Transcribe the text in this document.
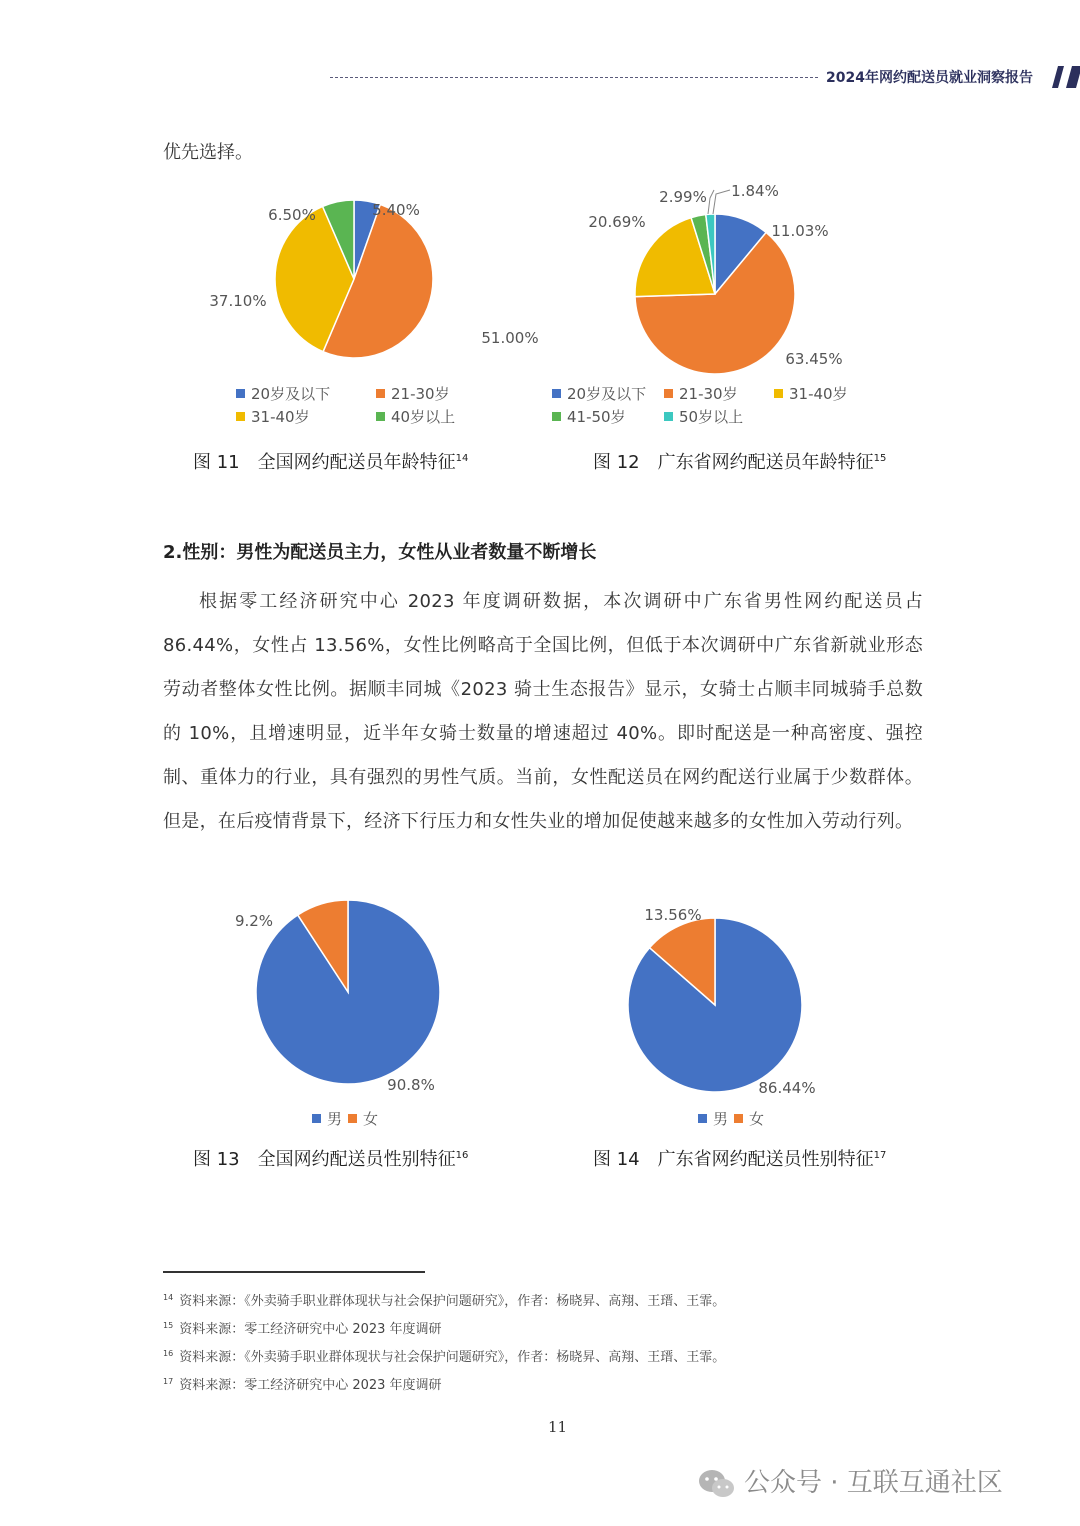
2024年网约配送员就业洞察报告
优先选择。
5.40%
51.00%
37.10%
6.50%
20岁及以下	21-30岁
31-40岁	40岁以上
图 11 全国网约配送员年龄特征$^{14}$
11.03%
63.45%
20.69%
2.99% 1.84%
20岁及以下	21-30岁	31-40岁
41-50岁	50岁以上
图 12 广东省网约配送员年龄特征$^{15}$
2.性别：男性为配送员主力，女性从业者数量不断增长
根据零工经济研究中心 2023 年度调研数据，本次调研中广东省男性网约配送员占86.44%，女性占 13.56%，女性比例略高于全国比例，但低于本次调研中广东省新就业形态劳动者整体女性比例。据顺丰同城《2023 骑士生态报告》显示，女骑士占顺丰同城骑手总数的 10%，且增速明显，近半年女骑士数量的增速超过 40%。即时配送是一种高密度、强控制、重体力的行业，具有强烈的男性气质。当前，女性配送员在网约配送行业属于少数群体。但是，在后疫情背景下，经济下行压力和女性失业的增加促使越来越多的女性加入劳动行列。
90.8%
9.2%
男	女
图 13 全国网约配送员性别特征$^{16}$
86.44%
13.56%
男	女
图 14 广东省网约配送员性别特征$^{17}$
$^{14}$ 资料来源：《外卖骑手职业群体现状与社会保护问题研究》，作者：杨晓昇、高翔、王瑨、王霏。
$^{15}$ 资料来源：零工经济研究中心 2023 年度调研
$^{16}$ 资料来源：《外卖骑手职业群体现状与社会保护问题研究》，作者：杨晓昇、高翔、王瑨、王霏。
$^{17}$ 资料来源：零工经济研究中心 2023 年度调研
11
公众号 · 互联互通社区
